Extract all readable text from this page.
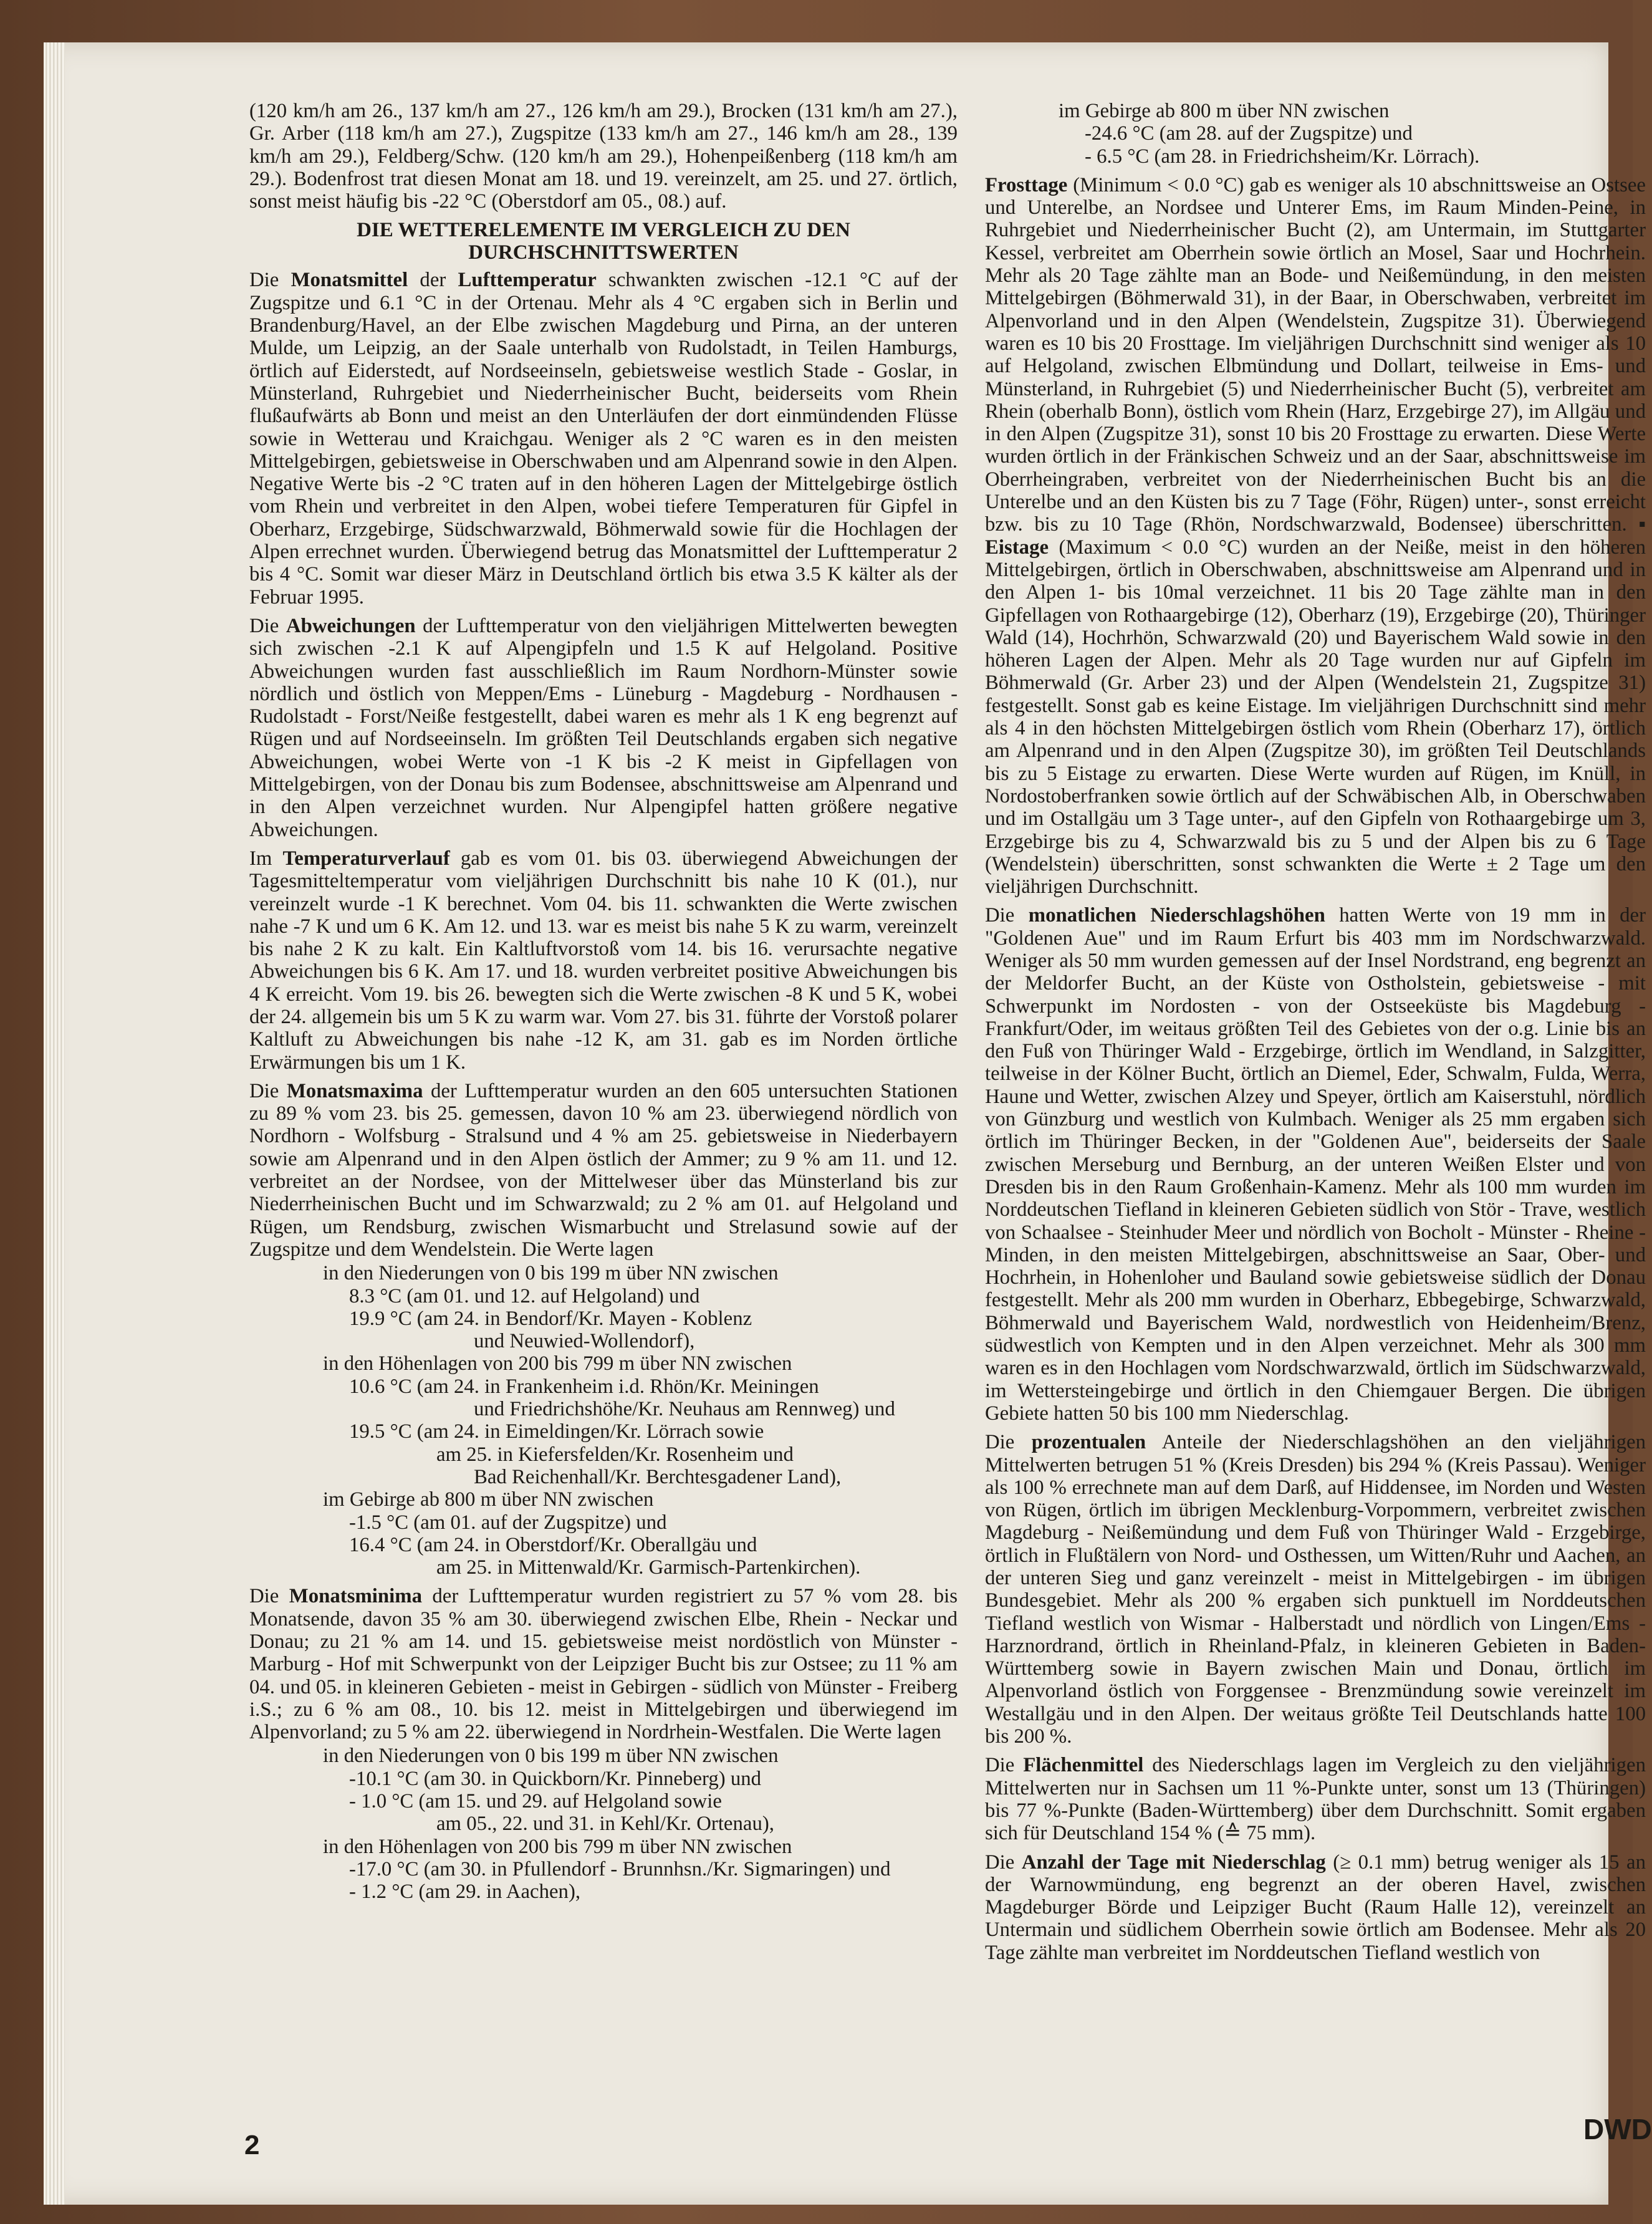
(120 km/h am 26., 137 km/h am 27., 126 km/h am 29.), Brocken (131 km/h am 27.), Gr. Arber (118 km/h am 27.), Zugspitze (133 km/h am 27., 146 km/h am 28., 139 km/h am 29.), Feldberg/Schw. (120 km/h am 29.), Hohenpeißenberg (118 km/h am 29.). Bodenfrost trat diesen Monat am 18. und 19. vereinzelt, am 25. und 27. örtlich, sonst meist häufig bis -22 °C (Oberstdorf am 05., 08.) auf.

DIE WETTERELEMENTE IM VERGLEICH ZU DEN DURCHSCHNITTSWERTEN

Die Monatsmittel der Lufttemperatur schwankten zwischen -12.1 °C auf der Zugspitze und 6.1 °C in der Ortenau. Mehr als 4 °C ergaben sich in Berlin und Brandenburg/Havel, an der Elbe zwischen Magdeburg und Pirna, an der unteren Mulde, um Leipzig, an der Saale unterhalb von Rudolstadt, in Teilen Hamburgs, örtlich auf Eiderstedt, auf Nordseeinseln, gebietsweise westlich Stade - Goslar, in Münsterland, Ruhrgebiet und Niederrheinischer Bucht, beiderseits vom Rhein flußaufwärts ab Bonn und meist an den Unterläufen der dort einmündenden Flüsse sowie in Wetterau und Kraichgau. Weniger als 2 °C waren es in den meisten Mittelgebirgen, gebietsweise in Oberschwaben und am Alpenrand sowie in den Alpen. Negative Werte bis -2 °C traten auf in den höheren Lagen der Mittelgebirge östlich vom Rhein und verbreitet in den Alpen, wobei tiefere Temperaturen für Gipfel in Oberharz, Erzgebirge, Südschwarzwald, Böhmerwald sowie für die Hochlagen der Alpen errechnet wurden. Überwiegend betrug das Monatsmittel der Lufttemperatur 2 bis 4 °C. Somit war dieser März in Deutschland örtlich bis etwa 3.5 K kälter als der Februar 1995.

Die Abweichungen der Lufttemperatur von den vieljährigen Mittelwerten bewegten sich zwischen -2.1 K auf Alpengipfeln und 1.5 K auf Helgoland. Positive Abweichungen wurden fast ausschließlich im Raum Nordhorn-Münster sowie nördlich und östlich von Meppen/Ems - Lüneburg - Magdeburg - Nordhausen - Rudolstadt - Forst/Neiße festgestellt, dabei waren es mehr als 1 K eng begrenzt auf Rügen und auf Nordseeinseln. Im größten Teil Deutschlands ergaben sich negative Abweichungen, wobei Werte von -1 K bis -2 K meist in Gipfellagen von Mittelgebirgen, von der Donau bis zum Bodensee, abschnittsweise am Alpenrand und in den Alpen verzeichnet wurden. Nur Alpengipfel hatten größere negative Abweichungen.

Im Temperaturverlauf gab es vom 01. bis 03. überwiegend Abweichungen der Tagesmitteltemperatur vom vieljährigen Durchschnitt bis nahe 10 K (01.), nur vereinzelt wurde -1 K berechnet. Vom 04. bis 11. schwankten die Werte zwischen nahe -7 K und um 6 K. Am 12. und 13. war es meist bis nahe 5 K zu warm, vereinzelt bis nahe 2 K zu kalt. Ein Kaltluftvorstoß vom 14. bis 16. verursachte negative Abweichungen bis 6 K. Am 17. und 18. wurden verbreitet positive Abweichungen bis 4 K erreicht. Vom 19. bis 26. bewegten sich die Werte zwischen -8 K und 5 K, wobei der 24. allgemein bis um 5 K zu warm war. Vom 27. bis 31. führte der Vorstoß polarer Kaltluft zu Abweichungen bis nahe -12 K, am 31. gab es im Norden örtliche Erwärmungen bis um 1 K.

Die Monatsmaxima der Lufttemperatur wurden an den 605 untersuchten Stationen zu 89 % vom 23. bis 25. gemessen, davon 10 % am 23. überwiegend nördlich von Nordhorn - Wolfsburg - Stralsund und 4 % am 25. gebietsweise in Niederbayern sowie am Alpenrand und in den Alpen östlich der Ammer; zu 9 % am 11. und 12. verbreitet an der Nordsee, von der Mittelweser über das Münsterland bis zur Niederrheinischen Bucht und im Schwarzwald; zu 2 % am 01. auf Helgoland und Rügen, um Rendsburg, zwischen Wismarbucht und Strelasund sowie auf der Zugspitze und dem Wendelstein. Die Werte lagen

in den Niederungen von 0 bis 199 m über NN zwischen
8.3 °C (am 01. und 12. auf Helgoland) und
19.9 °C (am 24. in Bendorf/Kr. Mayen - Koblenz
und Neuwied-Wollendorf),
in den Höhenlagen von 200 bis 799 m über NN zwischen
10.6 °C (am 24. in Frankenheim i.d. Rhön/Kr. Meiningen
und Friedrichshöhe/Kr. Neuhaus am Rennweg) und
19.5 °C (am 24. in Eimeldingen/Kr. Lörrach sowie
am 25. in Kiefersfelden/Kr. Rosenheim und
Bad Reichenhall/Kr. Berchtesgadener Land),
im Gebirge ab 800 m über NN zwischen
-1.5 °C (am 01. auf der Zugspitze) und
16.4 °C (am 24. in Oberstdorf/Kr. Oberallgäu und
am 25. in Mittenwald/Kr. Garmisch-Partenkirchen).

Die Monatsminima der Lufttemperatur wurden registriert zu 57 % vom 28. bis Monatsende, davon 35 % am 30. überwiegend zwischen Elbe, Rhein - Neckar und Donau; zu 21 % am 14. und 15. gebietsweise meist nordöstlich von Münster - Marburg - Hof mit Schwerpunkt von der Leipziger Bucht bis zur Ostsee; zu 11 % am 04. und 05. in kleineren Gebieten - meist in Gebirgen - südlich von Münster - Freiberg i.S.; zu 6 % am 08., 10. bis 12. meist in Mittelgebirgen und überwiegend im Alpenvorland; zu 5 % am 22. überwiegend in Nordrhein-Westfalen. Die Werte lagen

in den Niederungen von 0 bis 199 m über NN zwischen
-10.1 °C (am 30. in Quickborn/Kr. Pinneberg) und
- 1.0 °C (am 15. und 29. auf Helgoland sowie
am 05., 22. und 31. in Kehl/Kr. Ortenau),
in den Höhenlagen von 200 bis 799 m über NN zwischen
-17.0 °C (am 30. in Pfullendorf - Brunnhsn./Kr. Sigmaringen) und
- 1.2 °C (am 29. in Aachen),
im Gebirge ab 800 m über NN zwischen
-24.6 °C (am 28. auf der Zugspitze) und
- 6.5 °C (am 28. in Friedrichsheim/Kr. Lörrach).

Frosttage (Minimum < 0.0 °C) gab es weniger als 10 abschnittsweise an Ostsee und Unterelbe, an Nordsee und Unterer Ems, im Raum Minden-Peine, in Ruhrgebiet und Niederrheinischer Bucht (2), am Untermain, im Stuttgarter Kessel, verbreitet am Oberrhein sowie örtlich an Mosel, Saar und Hochrhein. Mehr als 20 Tage zählte man an Bode- und Neißemündung, in den meisten Mittelgebirgen (Böhmerwald 31), in der Baar, in Oberschwaben, verbreitet im Alpenvorland und in den Alpen (Wendelstein, Zugspitze 31). Überwiegend waren es 10 bis 20 Frosttage. Im vieljährigen Durchschnitt sind weniger als 10 auf Helgoland, zwischen Elbmündung und Dollart, teilweise in Ems- und Münsterland, in Ruhrgebiet (5) und Niederrheinischer Bucht (5), verbreitet am Rhein (oberhalb Bonn), östlich vom Rhein (Harz, Erzgebirge 27), im Allgäu und in den Alpen (Zugspitze 31), sonst 10 bis 20 Frosttage zu erwarten. Diese Werte wurden örtlich in der Fränkischen Schweiz und an der Saar, abschnittsweise im Oberrheingraben, verbreitet von der Niederrheinischen Bucht bis an die Unterelbe und an den Küsten bis zu 7 Tage (Föhr, Rügen) unter-, sonst erreicht bzw. bis zu 10 Tage (Rhön, Nordschwarzwald, Bodensee) überschritten. ▪ Eistage (Maximum < 0.0 °C) wurden an der Neiße, meist in den höheren Mittelgebirgen, örtlich in Oberschwaben, abschnittsweise am Alpenrand und in den Alpen 1- bis 10mal verzeichnet. 11 bis 20 Tage zählte man in den Gipfellagen von Rothaargebirge (12), Oberharz (19), Erzgebirge (20), Thüringer Wald (14), Hochrhön, Schwarzwald (20) und Bayerischem Wald sowie in den höheren Lagen der Alpen. Mehr als 20 Tage wurden nur auf Gipfeln im Böhmerwald (Gr. Arber 23) und der Alpen (Wendelstein 21, Zugspitze 31) festgestellt. Sonst gab es keine Eistage. Im vieljährigen Durchschnitt sind mehr als 4 in den höchsten Mittelgebirgen östlich vom Rhein (Oberharz 17), örtlich am Alpenrand und in den Alpen (Zugspitze 30), im größten Teil Deutschlands bis zu 5 Eistage zu erwarten. Diese Werte wurden auf Rügen, im Knüll, in Nordostoberfranken sowie örtlich auf der Schwäbischen Alb, in Oberschwaben und im Ostallgäu um 3 Tage unter-, auf den Gipfeln von Rothaargebirge um 3, Erzgebirge bis zu 4, Schwarzwald bis zu 5 und der Alpen bis zu 6 Tage (Wendelstein) überschritten, sonst schwankten die Werte ± 2 Tage um den vieljährigen Durchschnitt.

Die monatlichen Niederschlagshöhen hatten Werte von 19 mm in der "Goldenen Aue" und im Raum Erfurt bis 403 mm im Nordschwarzwald. Weniger als 50 mm wurden gemessen auf der Insel Nordstrand, eng begrenzt an der Meldorfer Bucht, an der Küste von Ostholstein, gebietsweise - mit Schwerpunkt im Nordosten - von der Ostseeküste bis Magdeburg - Frankfurt/Oder, im weitaus größten Teil des Gebietes von der o.g. Linie bis an den Fuß von Thüringer Wald - Erzgebirge, örtlich im Wendland, in Salzgitter, teilweise in der Kölner Bucht, örtlich an Diemel, Eder, Schwalm, Fulda, Werra, Haune und Wetter, zwischen Alzey und Speyer, örtlich am Kaiserstuhl, nördlich von Günzburg und westlich von Kulmbach. Weniger als 25 mm ergaben sich örtlich im Thüringer Becken, in der "Goldenen Aue", beiderseits der Saale zwischen Merseburg und Bernburg, an der unteren Weißen Elster und von Dresden bis in den Raum Großenhain-Kamenz. Mehr als 100 mm wurden im Norddeutschen Tiefland in kleineren Gebieten südlich von Stör - Trave, westlich von Schaalsee - Steinhuder Meer und nördlich von Bocholt - Münster - Rheine -Minden, in den meisten Mittelgebirgen, abschnittsweise an Saar, Ober- und Hochrhein, in Hohenloher und Bauland sowie gebietsweise südlich der Donau festgestellt. Mehr als 200 mm wurden in Oberharz, Ebbegebirge, Schwarzwald, Böhmerwald und Bayerischem Wald, nordwestlich von Heidenheim/Brenz, südwestlich von Kempten und in den Alpen verzeichnet. Mehr als 300 mm waren es in den Hochlagen vom Nordschwarzwald, örtlich im Südschwarzwald, im Wettersteingebirge und örtlich in den Chiemgauer Bergen. Die übrigen Gebiete hatten 50 bis 100 mm Niederschlag.

Die prozentualen Anteile der Niederschlagshöhen an den vieljährigen Mittelwerten betrugen 51 % (Kreis Dresden) bis 294 % (Kreis Passau). Weniger als 100 % errechnete man auf dem Darß, auf Hiddensee, im Norden und Westen von Rügen, örtlich im übrigen Mecklenburg-Vorpommern, verbreitet zwischen Magdeburg - Neißemündung und dem Fuß von Thüringer Wald - Erzgebirge, örtlich in Flußtälern von Nord- und Osthessen, um Witten/Ruhr und Aachen, an der unteren Sieg und ganz vereinzelt - meist in Mittelgebirgen - im übrigen Bundesgebiet. Mehr als 200 % ergaben sich punktuell im Norddeutschen Tiefland westlich von Wismar - Halberstadt und nördlich von Lingen/Ems - Harznordrand, örtlich in Rheinland-Pfalz, in kleineren Gebieten in Baden-Württemberg sowie in Bayern zwischen Main und Donau, örtlich im Alpenvorland östlich von Forggensee - Brenzmündung sowie vereinzelt im Westallgäu und in den Alpen. Der weitaus größte Teil Deutschlands hatte 100 bis 200 %.

Die Flächenmittel des Niederschlags lagen im Vergleich zu den vieljährigen Mittelwerten nur in Sachsen um 11 %-Punkte unter, sonst um 13 (Thüringen) bis 77 %-Punkte (Baden-Württemberg) über dem Durchschnitt. Somit ergaben sich für Deutschland 154 % (≙ 75 mm).

Die Anzahl der Tage mit Niederschlag (≥ 0.1 mm) betrug weniger als 15 an der Warnowmündung, eng begrenzt an der oberen Havel, zwischen Magdeburger Börde und Leipziger Bucht (Raum Halle 12), vereinzelt an Untermain und südlichem Oberrhein sowie örtlich am Bodensee. Mehr als 20 Tage zählte man verbreitet im Norddeutschen Tiefland westlich von

2	DWD
